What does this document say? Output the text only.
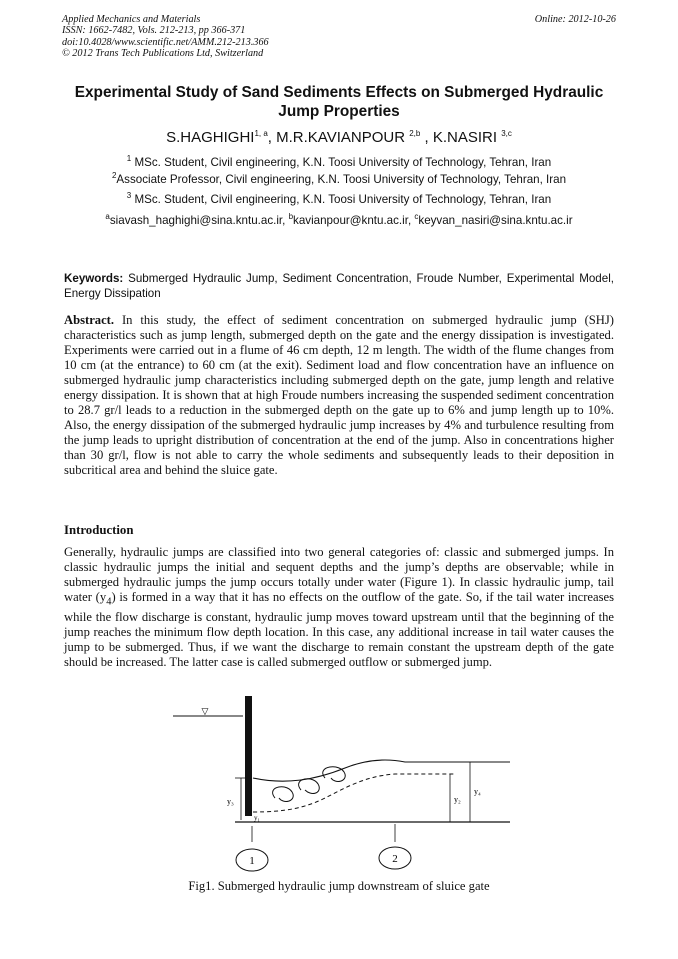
Applied Mechanics and Materials
ISSN: 1662-7482, Vols. 212-213, pp 366-371
doi:10.4028/www.scientific.net/AMM.212-213.366
© 2012 Trans Tech Publications Ltd, Switzerland
Online: 2012-10-26
Experimental Study of Sand Sediments Effects on Submerged Hydraulic Jump Properties
S.HAGHIGHI$^{1, a}$, M.R.KAVIANPOUR $^{2,b}$ , K.NASIRI $^{3,c}$
$^1$ MSc. Student, Civil engineering, K.N. Toosi University of Technology, Tehran, Iran
$^2$Associate Professor, Civil engineering, K.N. Toosi University of Technology, Tehran, Iran
$^3$ MSc. Student, Civil engineering, K.N. Toosi University of Technology, Tehran, Iran
$^a$siavash_haghighi@sina.kntu.ac.ir, $^b$kavianpour@kntu.ac.ir, $^c$keyvan_nasiri@sina.kntu.ac.ir
Keywords: Submerged Hydraulic Jump, Sediment Concentration, Froude Number, Experimental Model, Energy Dissipation
Abstract. In this study, the effect of sediment concentration on submerged hydraulic jump (SHJ) characteristics such as jump length, submerged depth on the gate and the energy dissipation is investigated. Experiments were carried out in a flume of 46 cm depth, 12 m length. The width of the flume changes from 10 cm (at the entrance) to 60 cm (at the exit). Sediment load and flow concentration have an influence on submerged hydraulic jump characteristics including submerged depth on the gate, jump length and relative energy dissipation. It is shown that at high Froude numbers increasing the suspended sediment concentration to 28.7 gr/l leads to a reduction in the submerged depth on the gate up to 6% and jump length up to 10%. Also, the energy dissipation of the submerged hydraulic jump increases by 4% and turbulence resulting from the jump leads to upright distribution of concentration at the end of the jump. Also in concentrations higher than 30 gr/l, flow is not able to carry the whole sediments and subsequently leads to their deposition in subcritical area and behind the sluice gate.
Introduction
Generally, hydraulic jumps are classified into two general categories of: classic and submerged jumps. In classic hydraulic jumps the initial and sequent depths and the jump’s depths are observable; while in submerged hydraulic jumps the jump occurs totally under water (Figure 1). In classic hydraulic jump, tail water $(y_4)$ is formed in a way that it has no effects on the outflow of the gate. So, if the tail water increases while the flow discharge is constant, hydraulic jump moves toward upstream until that the beginning of the jump reaches the minimum flow depth location. In this case, any additional increase in tail water causes the jump to be submerged. Thus, if we want the discharge to remain constant the upstream depth of the gate should be increased. The latter case is called submerged outflow or submerged jump.
▽
y₃
y₁
y₂
y₄
1	2
Fig1. Submerged hydraulic jump downstream of sluice gate
